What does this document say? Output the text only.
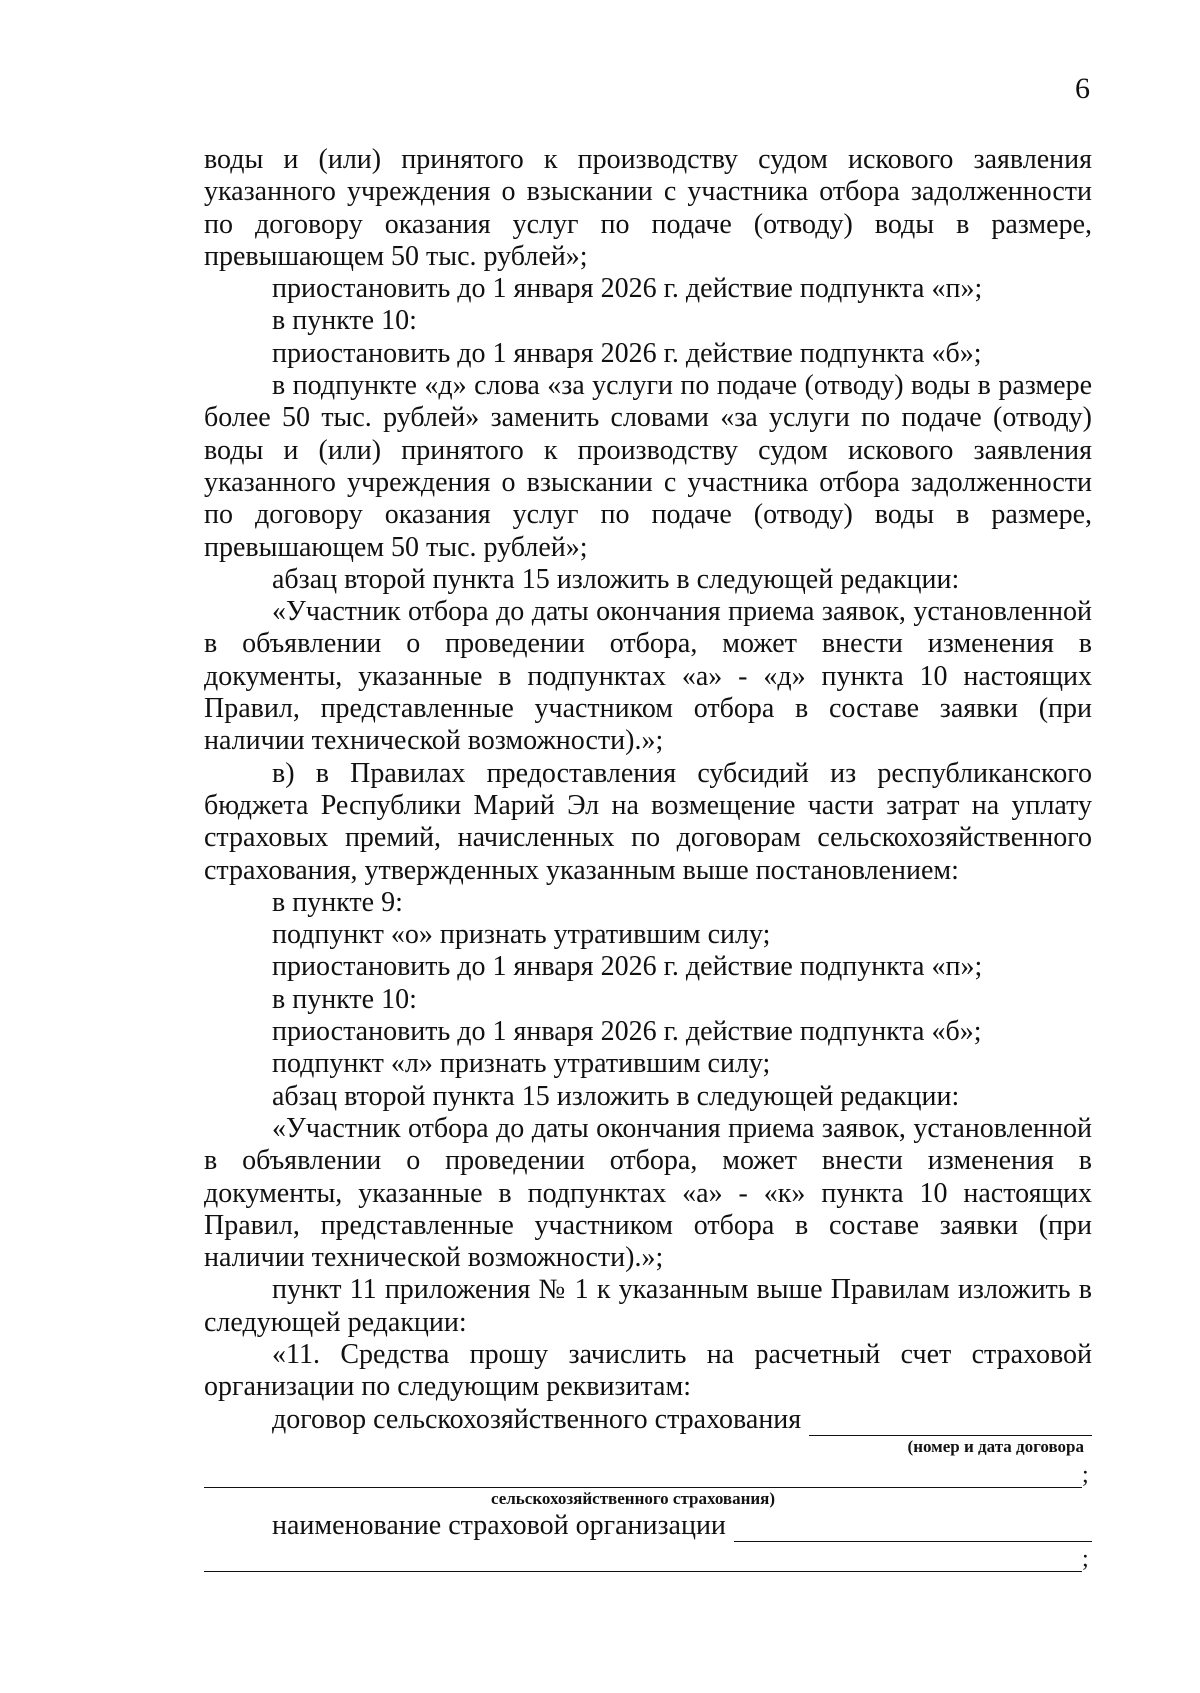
6

воды и (или) принятого к производству судом искового заявления указанного учреждения о взыскании с участника отбора задолженности по договору оказания услуг по подаче (отводу) воды в размере, превышающем 50 тыс. рублей»;

приостановить до 1 января 2026 г. действие подпункта «п»;

в пункте 10:

приостановить до 1 января 2026 г. действие подпункта «б»;

в подпункте «д» слова «за услуги по подаче (отводу) воды в размере более 50 тыс. рублей» заменить словами «за услуги по подаче (отводу) воды и (или) принятого к производству судом искового заявления указанного учреждения о взыскании с участника отбора задолженности по договору оказания услуг по подаче (отводу) воды в размере, превышающем 50 тыс. рублей»;

абзац второй пункта 15 изложить в следующей редакции:

«Участник отбора до даты окончания приема заявок, установленной в объявлении о проведении отбора, может внести изменения в документы, указанные в подпунктах «а» - «д» пункта 10 настоящих Правил, представленные участником отбора в составе заявки (при наличии технической возможности).»;

в) в Правилах предоставления субсидий из республиканского бюджета Республики Марий Эл на возмещение части затрат на уплату страховых премий, начисленных по договорам сельскохозяйственного страхования, утвержденных указанным выше постановлением:

в пункте 9:

подпункт «о» признать утратившим силу;

приостановить до 1 января 2026 г. действие подпункта «п»;

в пункте 10:

приостановить до 1 января 2026 г. действие подпункта «б»;

подпункт «л» признать утратившим силу;

абзац второй пункта 15 изложить в следующей редакции:

«Участник отбора до даты окончания приема заявок, установленной в объявлении о проведении отбора, может внести изменения в документы, указанные в подпунктах «а» - «к» пункта 10 настоящих Правил, представленные участником отбора в составе заявки (при наличии технической возможности).»;

пункт 11 приложения № 1 к указанным выше Правилам изложить в следующей редакции:

«11. Средства прошу зачислить на расчетный счет страховой организации по следующим реквизитам:

договор сельскохозяйственного страхования

(номер и дата договора

;

сельскохозяйственного страхования)

наименование страховой организации
;
